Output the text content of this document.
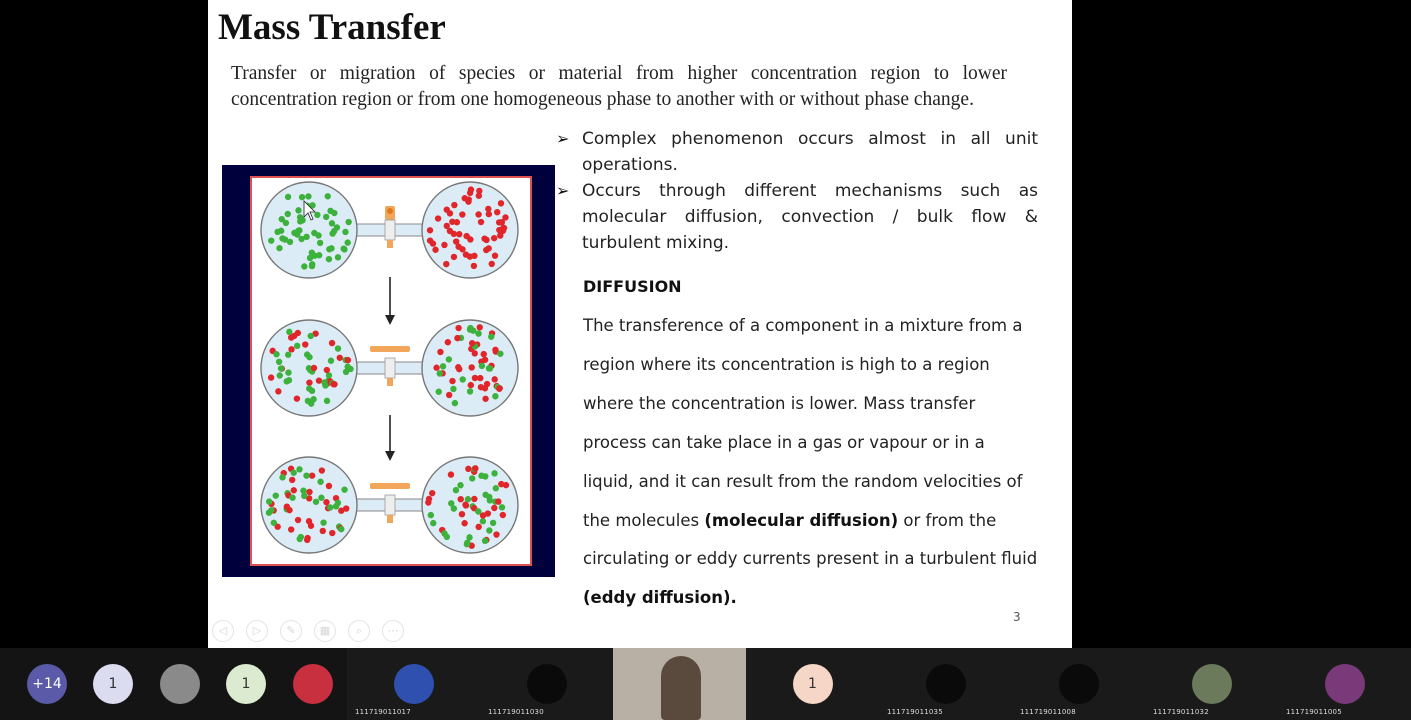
Mass Transfer
Transfer or migration of species or material from higher concentration region to lower concentration region or from one homogeneous phase to another with or without phase change.
➢ Complex phenomenon occurs almost in all unit operations.
➢ Occurs through different mechanisms such as molecular diffusion, convection / bulk flow & turbulent mixing.
DIFFUSION
The transference of a component in a mixture from a region where its concentration is high to a region where the concentration is lower. Mass transfer process can take place in a gas or vapour or in a liquid, and it can result from the random velocities of the molecules (molecular diffusion) or from the circulating or eddy currents present in a turbulent fluid (eddy diffusion).
3
◁	▷	✎	▦	⌕	⋯
+14	1	1
111719011017	111719011030
1
111719011035	111719011008	111719011032	111719011005
